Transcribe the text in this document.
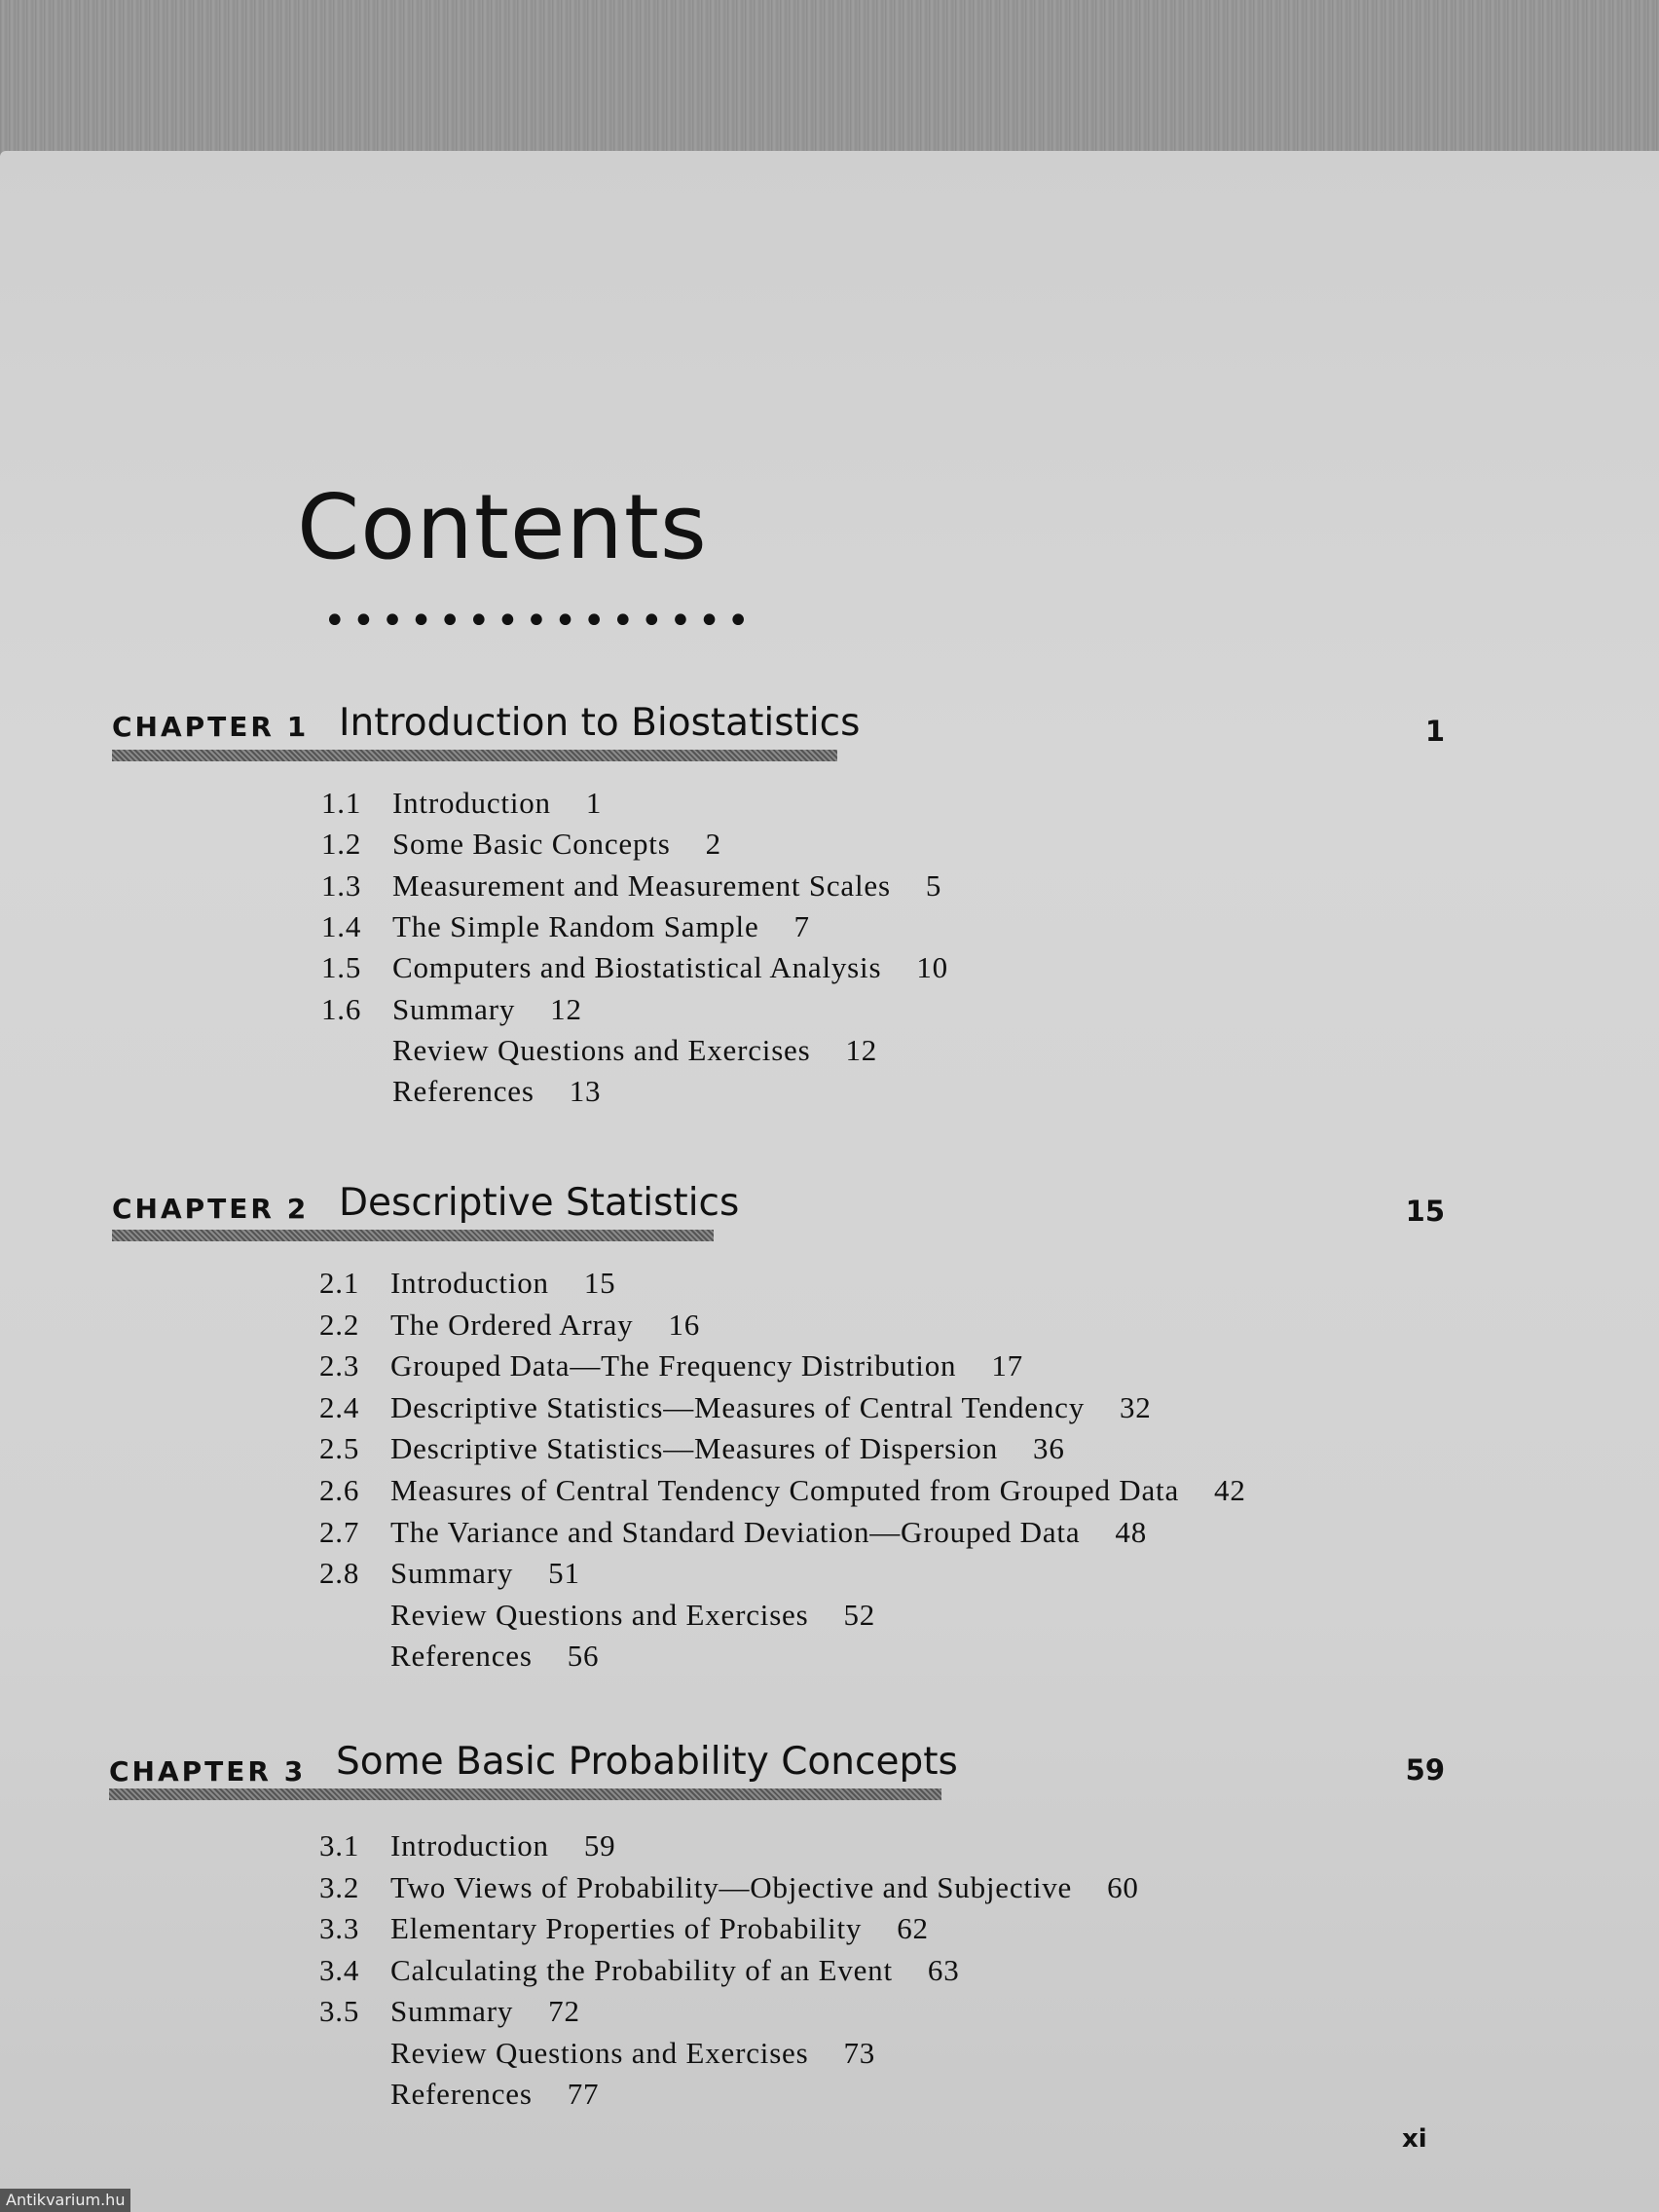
Contents
•••••••••••••••
CHAPTER 1 Introduction to Biostatistics	1
1.1 Introduction 1
1.2 Some Basic Concepts 2
1.3 Measurement and Measurement Scales 5
1.4 The Simple Random Sample 7
1.5 Computers and Biostatistical Analysis 10
1.6 Summary 12
Review Questions and Exercises 12
References 13
CHAPTER 2 Descriptive Statistics	15
2.1 Introduction 15
2.2 The Ordered Array 16
2.3 Grouped Data—The Frequency Distribution 17
2.4 Descriptive Statistics—Measures of Central Tendency 32
2.5 Descriptive Statistics—Measures of Dispersion 36
2.6 Measures of Central Tendency Computed from Grouped Data 42
2.7 The Variance and Standard Deviation—Grouped Data 48
2.8 Summary 51
Review Questions and Exercises 52
References 56
CHAPTER 3 Some Basic Probability Concepts	59
3.1 Introduction 59
3.2 Two Views of Probability—Objective and Subjective 60
3.3 Elementary Properties of Probability 62
3.4 Calculating the Probability of an Event 63
3.5 Summary 72
Review Questions and Exercises 73
References 77
xi
Antikvarium.hu
